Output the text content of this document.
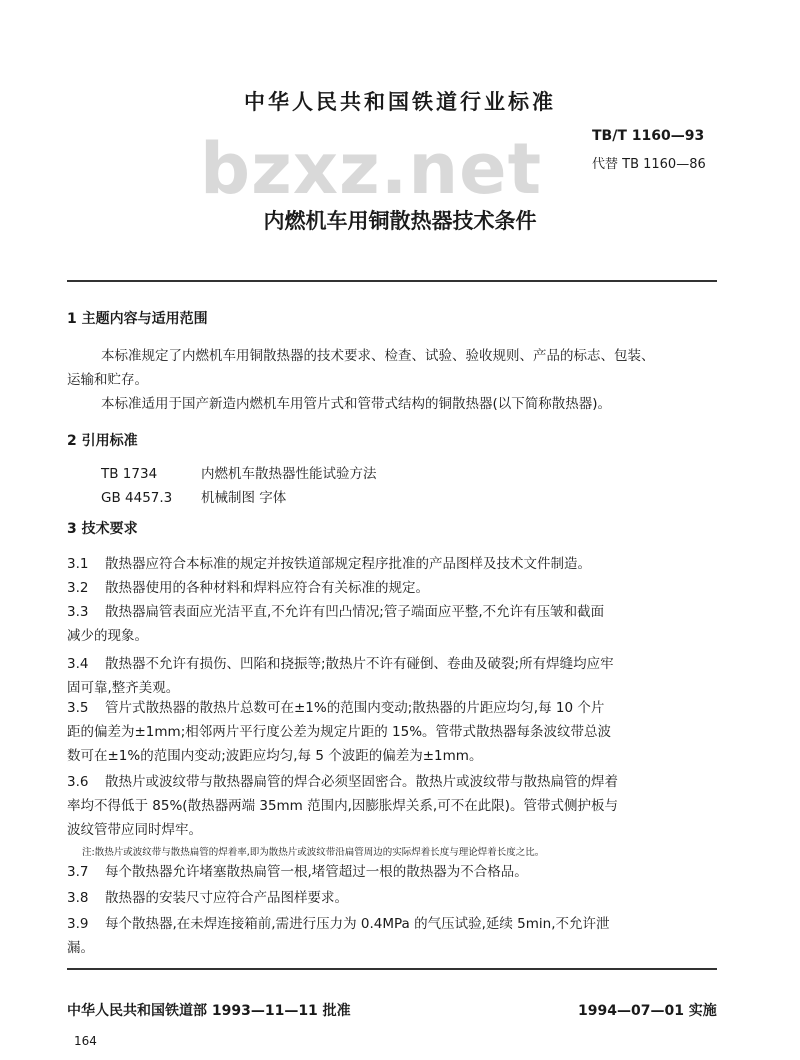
中华人民共和国铁道行业标准
bzxz.net	TB/T 1160—93
代替 TB 1160—86
内燃机车用铜散热器技术条件
1 主题内容与适用范围
本标准规定了内燃机车用铜散热器的技术要求、检查、试验、验收规则、产品的标志、包装、
运输和贮存。
本标准适用于国产新造内燃机车用管片式和管带式结构的铜散热器(以下简称散热器)。
2 引用标准
TB 1734	内燃机车散热器性能试验方法
GB 4457.3 机械制图 字体
3 技术要求
3.1 散热器应符合本标准的规定并按铁道部规定程序批准的产品图样及技术文件制造。
3.2 散热器使用的各种材料和焊料应符合有关标准的规定。
3.3 散热器扁管表面应光洁平直,不允许有凹凸情况;管子端面应平整,不允许有压皱和截面
减少的现象。
3.4 散热器不允许有损伤、凹陷和挠振等;散热片不许有碰倒、卷曲及破裂;所有焊缝均应牢
固可靠,整齐美观。
3.5 管片式散热器的散热片总数可在±1%的范围内变动;散热器的片距应均匀,每 10 个片
距的偏差为±1mm;相邻两片平行度公差为规定片距的 15%。管带式散热器每条波纹带总波
数可在±1%的范围内变动;波距应均匀,每 5 个波距的偏差为±1mm。
3.6 散热片或波纹带与散热器扁管的焊合必须坚固密合。散热片或波纹带与散热扁管的焊着
率均不得低于 85%(散热器两端 35mm 范围内,因膨胀焊关系,可不在此限)。管带式侧护板与
波纹管带应同时焊牢。
注:散热片或波纹带与散热扁管的焊着率,即为散热片或波纹带沿扁管周边的实际焊着长度与理论焊着长度之比。
3.7 每个散热器允许堵塞散热扁管一根,堵管超过一根的散热器为不合格品。
3.8 散热器的安装尺寸应符合产品图样要求。
3.9 每个散热器,在未焊连接箱前,需进行压力为 0.4MPa 的气压试验,延续 5min,不允许泄
漏。
中华人民共和国铁道部 1993—11—11 批准	1994—07—01 实施
164
